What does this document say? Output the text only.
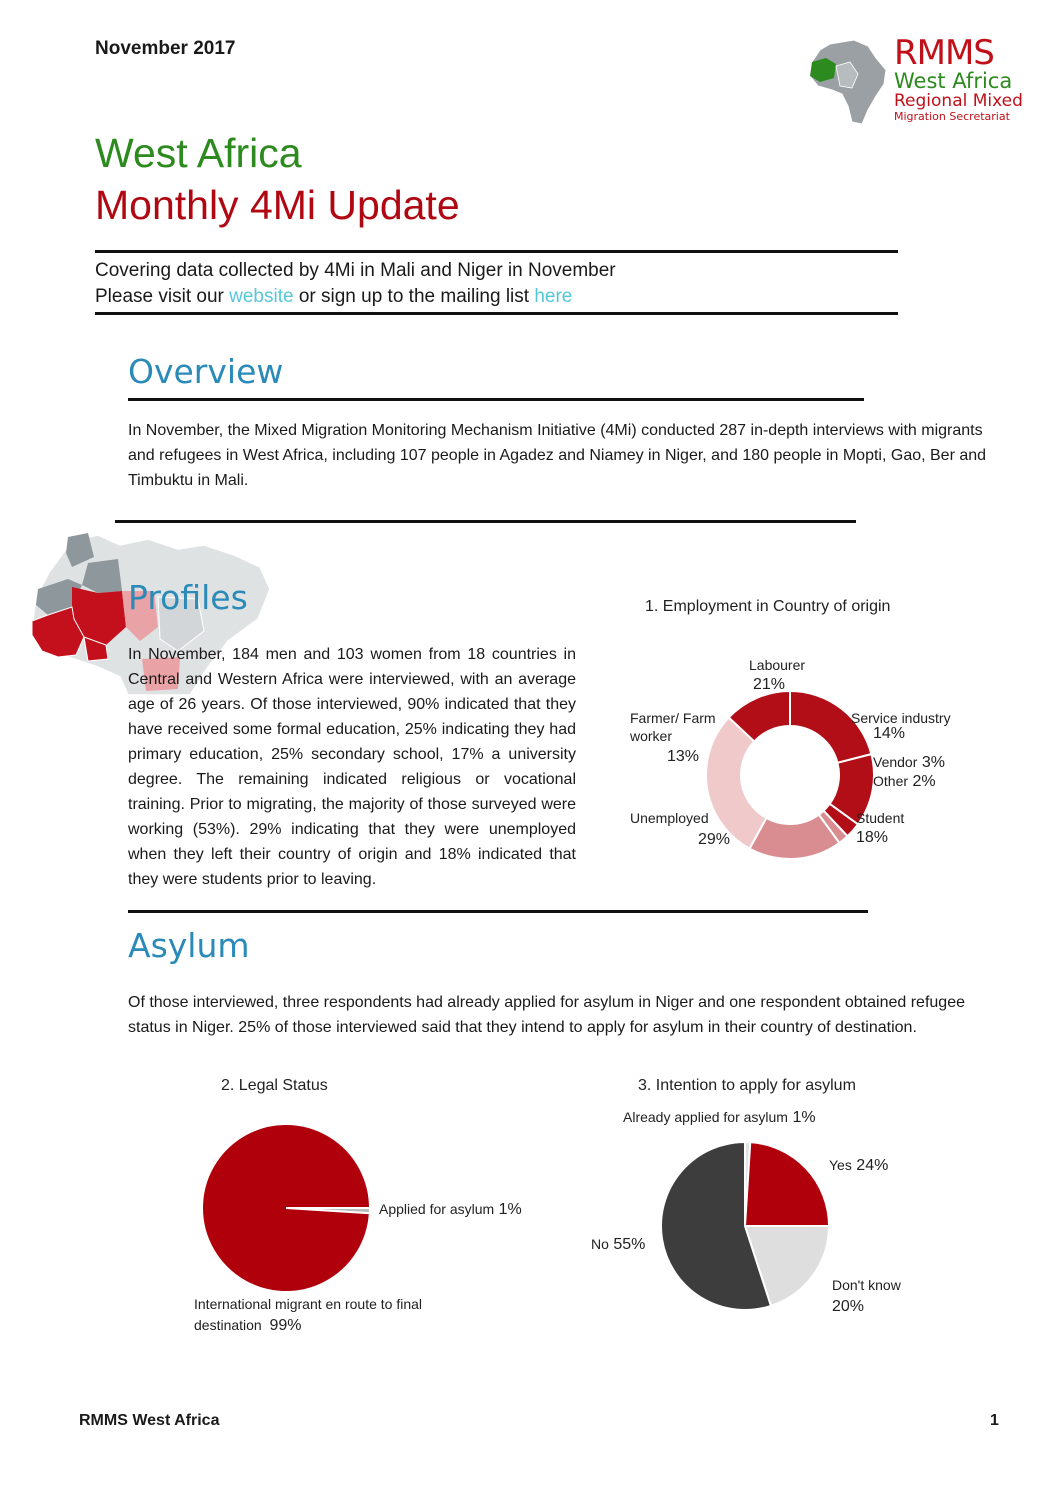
November 2017	RMMS
West Africa
Regional Mixed
Migration Secretariat
West Africa
Monthly 4Mi Update
Covering data collected by 4Mi in Mali and Niger in November
Please visit our website or sign up to the mailing list here
Overview
In November, the Mixed Migration Monitoring Mechanism Initiative (4Mi) conducted 287 in-depth interviews with migrants and refugees in West Africa, including 107 people in Agadez and Niamey in Niger, and 180 people in Mopti, Gao, Ber and Timbuktu in Mali.
Profiles
In November, 184 men and 103 women from 18 countries in Central and Western Africa were interviewed, with an average age of 26 years. Of those interviewed, 90% indicated that they have received some formal education, 25% indicating they had primary education, 25% secondary school, 17% a university degree. The remaining indicated religious or vocational training. Prior to migrating, the majority of those surveyed were working (53%). 29% indicating that they were unemployed when they left their country of origin and 18% indicated that they were students prior to leaving.
1. Employment in Country of origin
Labourer
21%
Service industry
14%
Vendor 3%
Other 2%
Student
18%
Unemployed
29%
Farmer/ Farm worker
13%
Asylum
Of those interviewed, three respondents had already applied for asylum in Niger and one respondent obtained refugee status in Niger. 25% of those interviewed said that they intend to apply for asylum in their country of destination.
2. Legal Status
Applied for asylum 1%
International migrant en route to final destination 99%
3. Intention to apply for asylum
Already applied for asylum 1%
Yes 24%
Don't know
20%
No 55%
RMMS West Africa	1
